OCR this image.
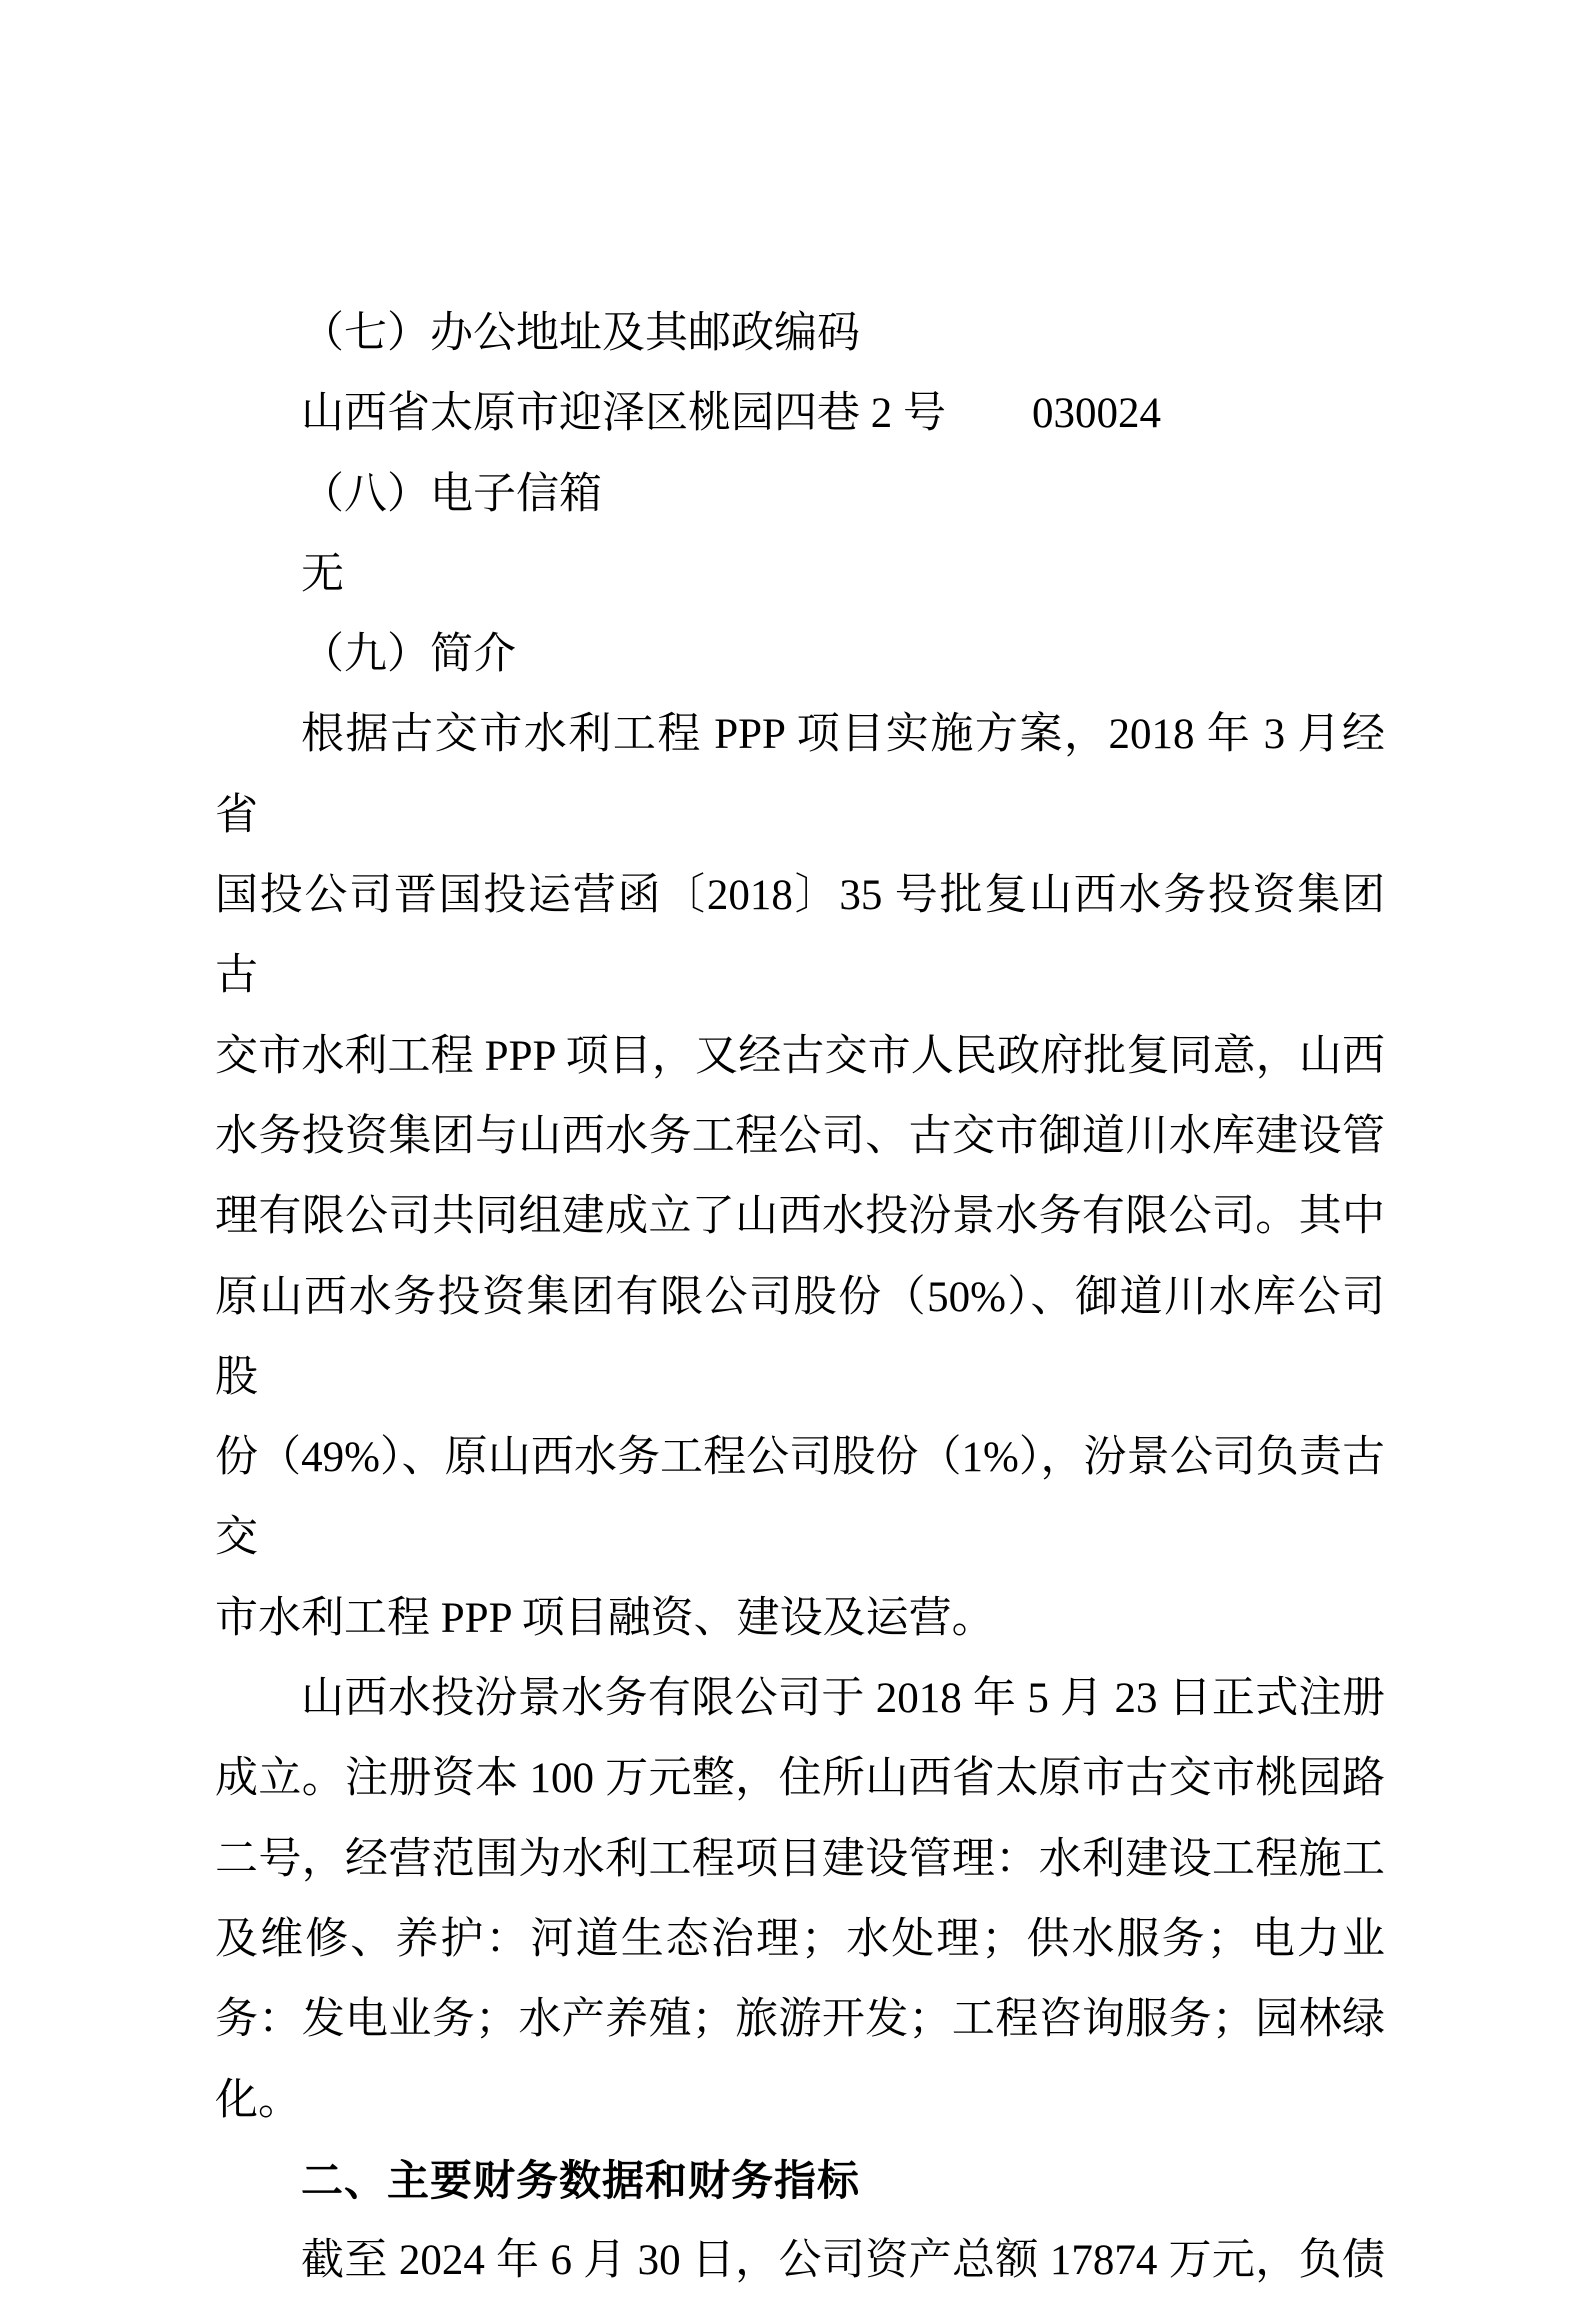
（七）办公地址及其邮政编码
山西省太原市迎泽区桃园四巷 2 号　　030024
（八）电子信箱
无
（九）简介
根据古交市水利工程 PPP 项目实施方案，2018 年 3 月经省
国投公司晋国投运营函〔2018〕35 号批复山西水务投资集团古
交市水利工程 PPP 项目，又经古交市人民政府批复同意，山西
水务投资集团与山西水务工程公司、古交市御道川水库建设管
理有限公司共同组建成立了山西水投汾景水务有限公司。其中
原山西水务投资集团有限公司股份（50%）、御道川水库公司股
份（49%）、原山西水务工程公司股份（1%），汾景公司负责古交
市水利工程 PPP 项目融资、建设及运营。
山西水投汾景水务有限公司于 2018 年 5 月 23 日正式注册
成立。注册资本 100 万元整，住所山西省太原市古交市桃园路
二号，经营范围为水利工程项目建设管理：水利建设工程施工
及维修、养护：河道生态治理；水处理；供水服务；电力业
务：发电业务；水产养殖；旅游开发；工程咨询服务；园林绿
化。
二、主要财务数据和财务指标
截至 2024 年 6 月 30 日，公司资产总额 17874 万元，负债
